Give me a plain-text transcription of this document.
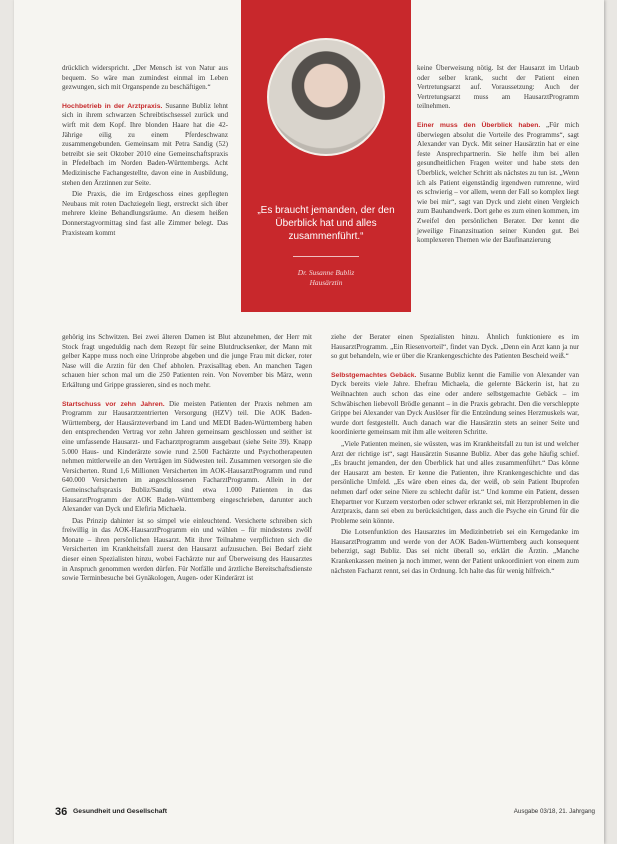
drücklich widerspricht. „Der Mensch ist von Natur aus bequem. So wäre man zumindest einmal im Leben gezwungen, sich mit Organspende zu beschäftigen.“

Hochbetrieb in der Arztpraxis. Susanne Bubliz lehnt sich in ihrem schwarzen Schreibtischsessel zurück und wirft mit dem Kopf. Ihre blonden Haare hat die 42-Jährige eilig zu einem Pferdeschwanz zusammengebunden. Gemeinsam mit Petra Sandig (52) betreibt sie seit Oktober 2010 eine Gemeinschaftspraxis in Pfedelbach im Norden Baden-Württembergs. Acht Medizinische Fachangestellte, davon eine in Ausbildung, stehen den Ärztinnen zur Seite.

Die Praxis, die im Erdgeschoss eines gepflegten Neubaus mit roten Dachziegeln liegt, erstreckt sich über mehrere kleine Behandlungsräume. An diesem heißen Donnerstagvormittag sind fast alle Zimmer belegt. Das Praxisteam kommt

„Es braucht jemanden, der den Überblick hat und alles zusammenführt.“
Dr. Susanne Bubliz
Hausärztin

gehörig ins Schwitzen. Bei zwei älteren Damen ist Blut abzunehmen, der Herr mit Stock fragt ungeduldig nach dem Rezept für seine Blutdrucksenker, der Mann mit gelber Kappe muss noch eine Urinprobe abgeben und die junge Frau mit dicker, roter Nase will die Arztin für den Chef abholen. Praxisalltag eben. An manchen Tagen schauen hier schon mal um die 250 Patienten rein. Von November bis März, wenn Erkältung und Grippe grassieren, sind es noch mehr.

Startschuss vor zehn Jahren. Die meisten Patienten der Praxis nehmen am Programm zur Hausarztzentrierten Versorgung (HZV) teil. Die AOK Baden-Württemberg, der Hausärzteverband im Land und MEDI Baden-Württemberg haben den entsprechenden Vertrag vor zehn Jahren gemeinsam geschlossen und seither ist eine umfassende Hausarzt- und Facharztprogramm ausgebaut (siehe Seite 39). Knapp 5.000 Haus- und Kinderärzte sowie rund 2.500 Fachärzte und Psychotherapeuten nehmen mittlerweile an den Verträgen im Südwesten teil. Zusammen versorgen sie die Versicherten. Rund 1,6 Millionen Versicherten im AOK-HausarztProgramm und rund 640.000 Versicherten im angeschlossenen FacharztProgramm. Allein in der Gemeinschaftspraxis Bubliz/Sandig sind etwa 1.000 Patienten in das HausarztProgramm der AOK Baden-Württemberg eingeschrieben, darunter auch Alexander van Dyck und Elefiria Michaela.

Das Prinzip dahinter ist so simpel wie einleuchtend. Versicherte schreiben sich freiwillig in das AOK-HausarztProgramm ein und wählen – für mindestens zwölf Monate – ihren persönlichen Hausarzt. Mit ihrer Teilnahme verpflichten sich die Versicherten im Krankheitsfall zuerst den Hausarzt aufzusuchen. Bei Bedarf zieht dieser einen Spezialisten hinzu, wobei Fachärzte nur auf Überweisung des Hausarztes in Anspruch genommen werden dürfen. Für Notfälle und ärztliche Bereitschaftsdienste sowie Terminbesuche bei Gynäkologen, Augen- oder Kinderärzt ist

keine Überweisung nötig. Ist der Hausarzt im Urlaub oder selber krank, sucht der Patient einen Vertretungsarzt auf. Voraussetzung: Auch der Vertretungsarzt muss am HausarztProgramm teilnehmen.

Einer muss den Überblick haben. „Für mich überwiegen absolut die Vorteile des Programms“, sagt Alexander van Dyck. Mit seiner Hausärztin hat er eine feste Ansprechpartnerin. Sie helfe ihm bei allen gesundheitlichen Fragen weiter und habe stets den Überblick, welcher Schritt als nächstes zu tun ist. „Wenn ich als Patient eigenständig irgendwen rumrenne, wird es schwierig – vor allem, wenn der Fall so komplex liegt wie bei mir“, sagt van Dyck und zieht einen Vergleich zum Bauhandwerk. Dort gehe es zum einen kommen, im Zweifel den persönlichen Berater. Der kennt die jeweilige Finanzsituation seiner Kunden gut. Bei komplexeren Themen wie der Baufinanzierung

ziehe der Berater einen Spezialisten hinzu. Ähnlich funktioniere es im HausarztProgramm. „Ein Riesenvorteil“, findet van Dyck. „Denn ein Arzt kann ja nur so gut behandeln, wie er über die Krankengeschichte des Patienten Bescheid weiß.“

Selbstgemachtes Gebäck. Susanne Bubliz kennt die Familie von Alexander van Dyck bereits viele Jahre. Ehefrau Michaela, die gelernte Bäckerin ist, hat zu Weihnachten auch schon das eine oder andere selbstgemachte Gebäck – im Schwäbischen liebevoll Brödle genannt – in die Praxis gebracht. Den die verschleppte Grippe bei Alexander van Dyck Auslöser für die Entzündung seines Herzmuskels war, wurde dort festgestellt. Auch danach war die Hausärztin stets an seiner Seite und koordinierte gemeinsam mit ihm alle weiteren Schritte.

„Viele Patienten meinen, sie wüssten, was im Krankheitsfall zu tun ist und welcher Arzt der richtige ist“, sagt Hausärztin Susanne Bubliz. Aber das gehe häufig schief. „Es braucht jemanden, der den Überblick hat und alles zusammenführt.“ Das könne der Hausarzt am besten. Er kenne die Patienten, ihre Krankengeschichte und das persönliche Umfeld. „Es wäre eben eines da, der weiß, ob sein Patient Ibuprofen nehmen darf oder seine Niere zu schlecht dafür ist.“ Und komme ein Patient, dessen Ehepartner vor Kurzem verstorben oder schwer erkrankt sei, mit Herzproblemen in die Arztpraxis, dann sei eben zu berücksichtigen, dass auch die Psyche ein Grund für die Probleme sein könnte.

Die Lotsenfunktion des Hausarztes im Medizinbetrieb sei ein Kerngedanke im HausarztProgramm und werde von der AOK Baden-Württemberg auch konsequent beherzigt, sagt Bubliz. Das sei nicht überall so, erklärt die Ärztin. „Manche Krankenkassen meinen ja noch immer, wenn der Patient unkoordiniert von einem zum nächsten Facharzt rennt, sei das in Ordnung. Ich halte das für wenig hilfreich.“

36 Gesundheit und Gesellschaft	Ausgabe 03/18, 21. Jahrgang
